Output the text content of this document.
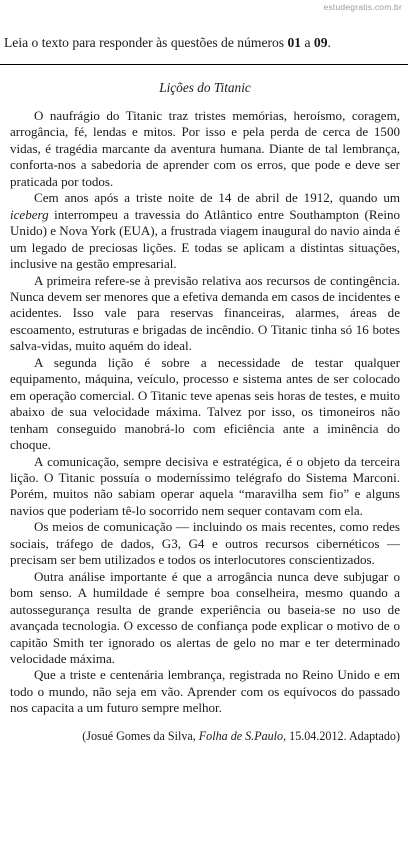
estudegratis.com.br
Leia o texto para responder às questões de números 01 a 09.
Lições do Titanic

O naufrágio do Titanic traz tristes memórias, heroísmo, coragem, arrogância, fé, lendas e mitos. Por isso e pela perda de cerca de 1500 vidas, é tragédia marcante da aventura humana. Diante de tal lembrança, conforta-nos a sabedoria de aprender com os erros, que pode e deve ser praticada por todos.

Cem anos após a triste noite de 14 de abril de 1912, quando um iceberg interrompeu a travessia do Atlântico entre Southampton (Reino Unido) e Nova York (EUA), a frustrada viagem inaugural do navio ainda é um legado de preciosas lições. E todas se aplicam a distintas situações, inclusive na gestão empresarial.

A primeira refere-se à previsão relativa aos recursos de contingência. Nunca devem ser menores que a efetiva demanda em casos de incidentes e acidentes. Isso vale para reservas financeiras, alarmes, áreas de escoamento, estruturas e brigadas de incêndio. O Titanic tinha só 16 botes salva-vidas, muito aquém do ideal.

A segunda lição é sobre a necessidade de testar qualquer equipamento, máquina, veículo, processo e sistema antes de ser colocado em operação comercial. O Titanic teve apenas seis horas de testes, e muito abaixo de sua velocidade máxima. Talvez por isso, os timoneiros não tenham conseguido manobrá-lo com eficiência ante a iminência do choque.

A comunicação, sempre decisiva e estratégica, é o objeto da terceira lição. O Titanic possuía o moderníssimo telégrafo do Sistema Marconi. Porém, muitos não sabiam operar aquela “maravilha sem fio” e alguns navios que poderiam tê-lo socorrido nem sequer contavam com ela.

Os meios de comunicação — incluindo os mais recentes, como redes sociais, tráfego de dados, G3, G4 e outros recursos cibernéticos — precisam ser bem utilizados e todos os interlocutores conscientizados.

Outra análise importante é que a arrogância nunca deve subjugar o bom senso. A humildade é sempre boa conselheira, mesmo quando a autossegurança resulta de grande experiência ou baseia-se no uso de avançada tecnologia. O excesso de confiança pode explicar o motivo de o capitão Smith ter ignorado os alertas de gelo no mar e ter determinado velocidade máxima.

Que a triste e centenária lembrança, registrada no Reino Unido e em todo o mundo, não seja em vão. Aprender com os equívocos do passado nos capacita a um futuro sempre melhor.

(Josué Gomes da Silva, Folha de S.Paulo, 15.04.2012. Adaptado)
